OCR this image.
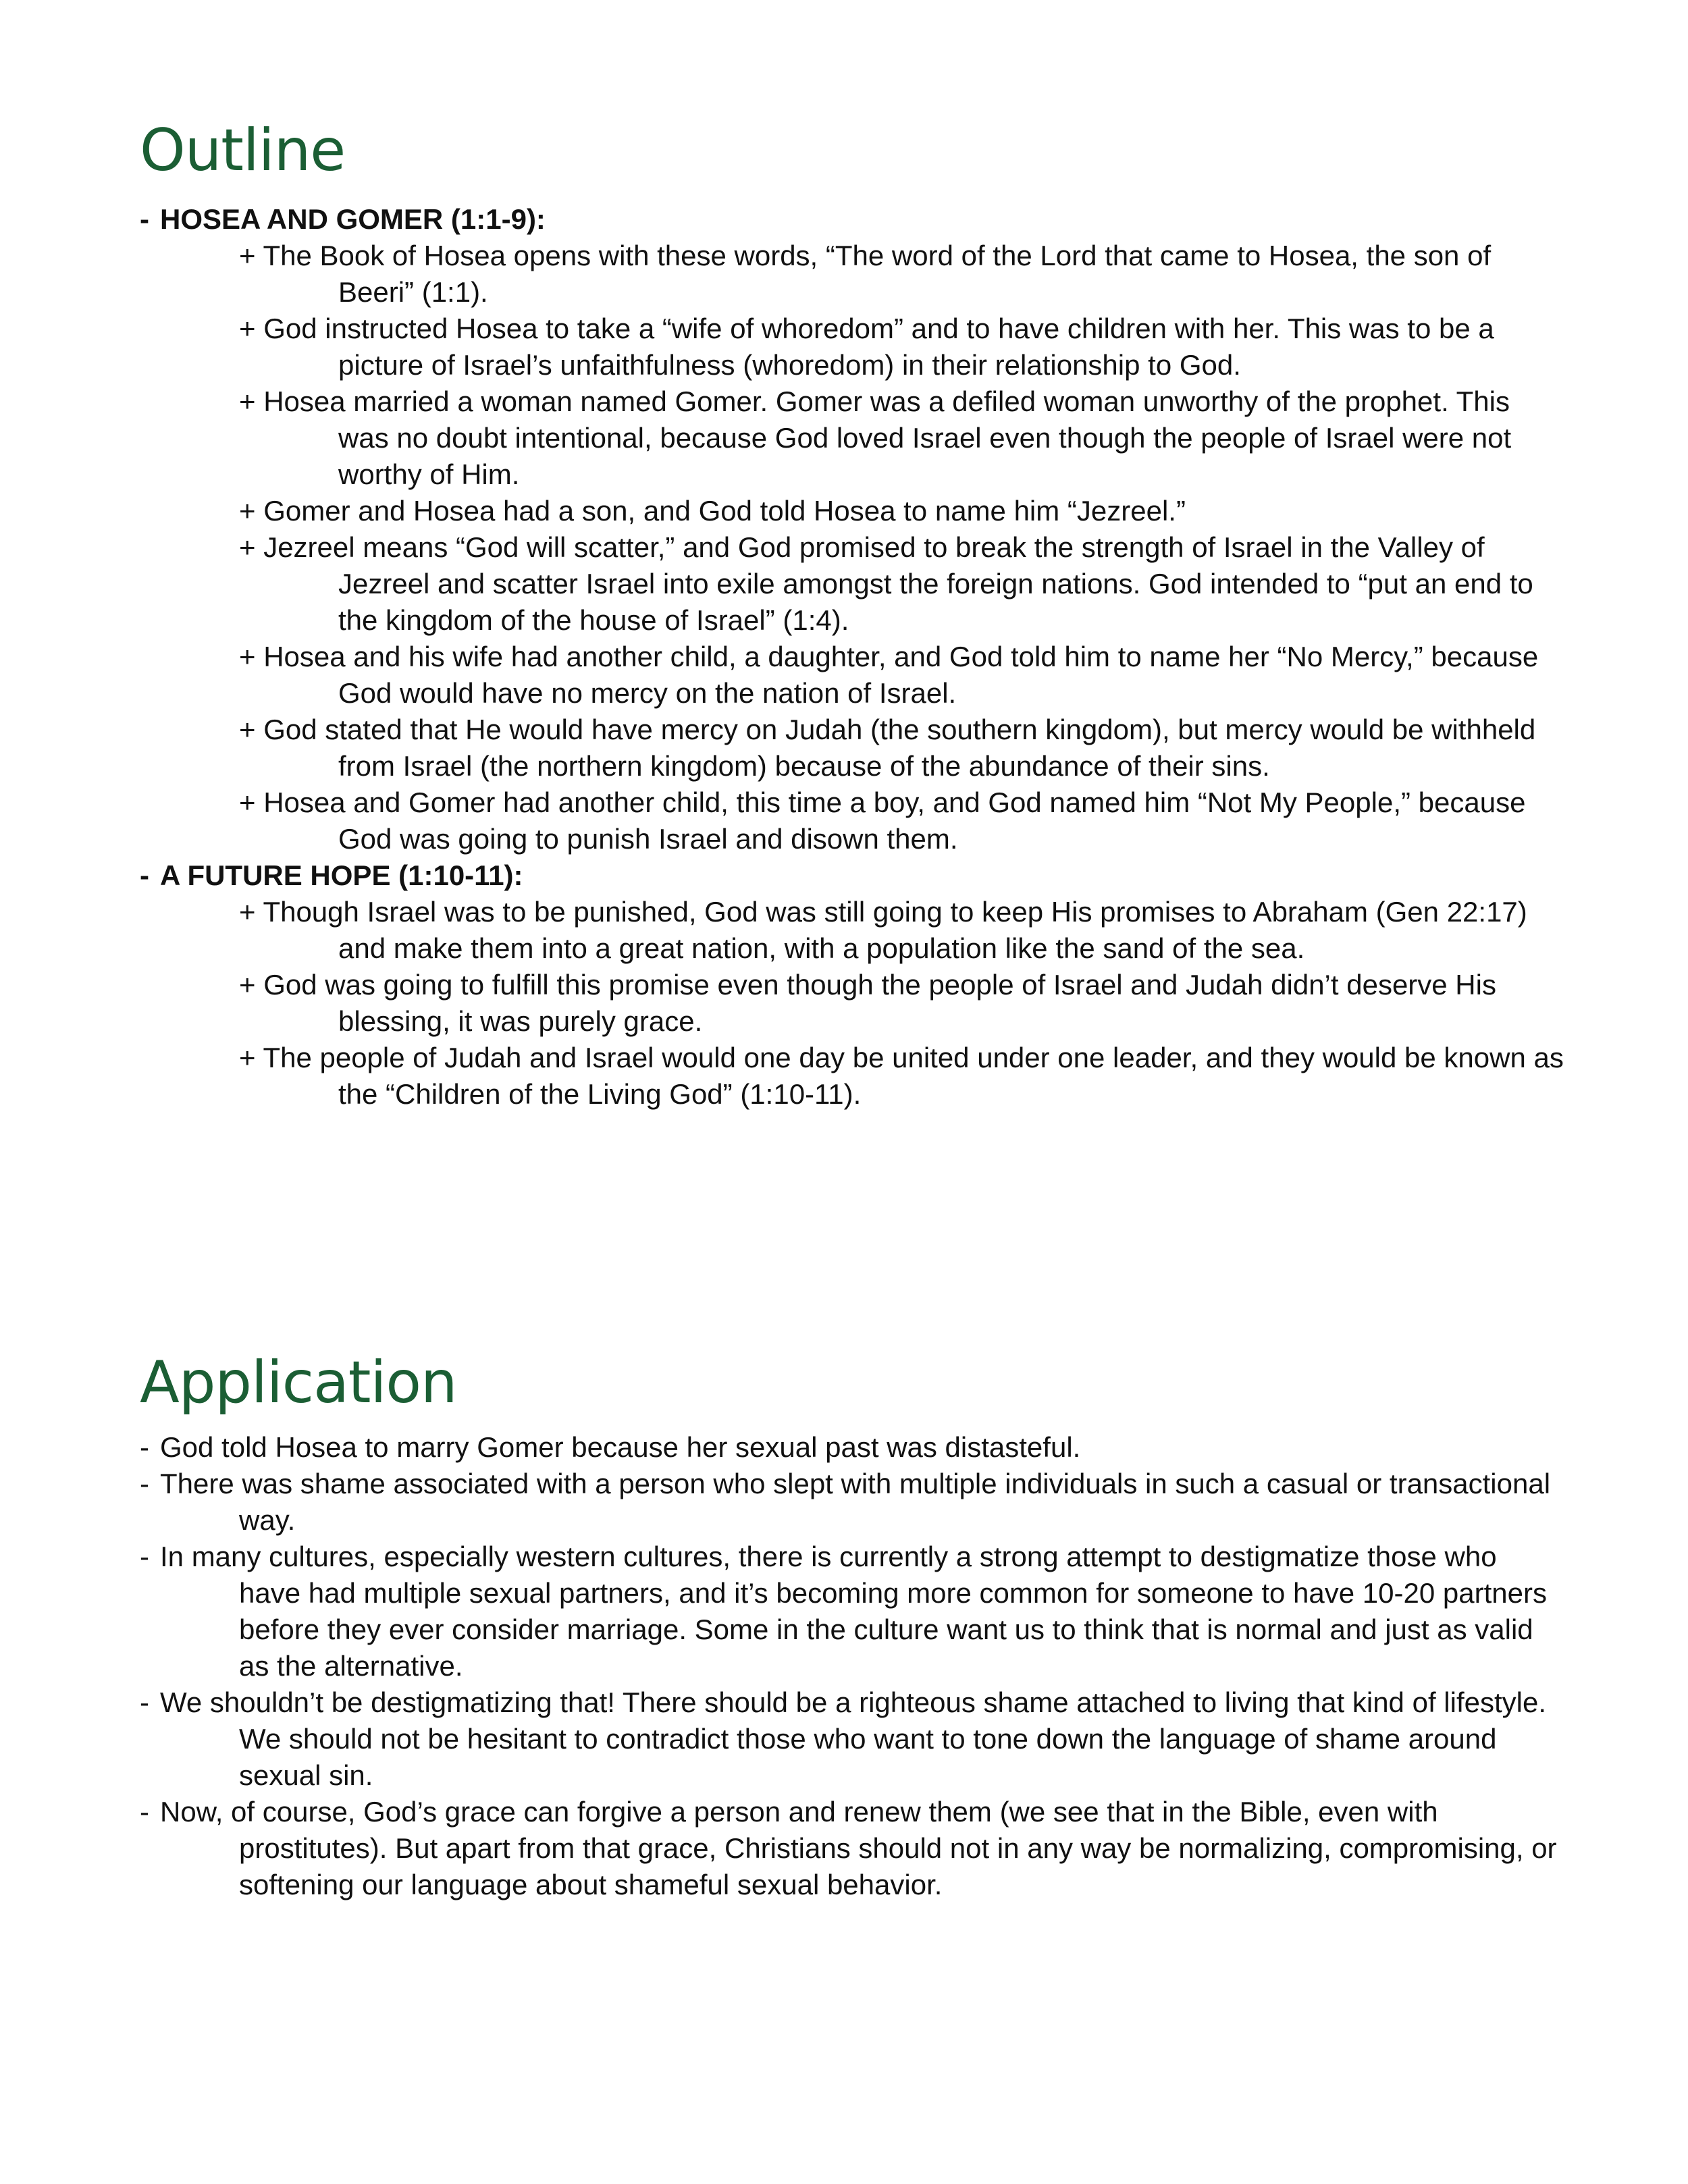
Outline

- HOSEA AND GOMER (1:1-9):

+ The Book of Hosea opens with these words, “The word of the Lord that came to Hosea, the son of Beeri” (1:1).

+ God instructed Hosea to take a “wife of whoredom” and to have children with her. This was to be a picture of Israel’s unfaithfulness (whoredom) in their relationship to God.

+ Hosea married a woman named Gomer. Gomer was a defiled woman unworthy of the prophet. This was no doubt intentional, because God loved Israel even though the people of Israel were not worthy of Him.

+ Gomer and Hosea had a son, and God told Hosea to name him “Jezreel.”

+ Jezreel means “God will scatter,” and God promised to break the strength of Israel in the Valley of Jezreel and scatter Israel into exile amongst the foreign nations. God intended to “put an end to the kingdom of the house of Israel” (1:4).

+ Hosea and his wife had another child, a daughter, and God told him to name her “No Mercy,” because God would have no mercy on the nation of Israel.

+ God stated that He would have mercy on Judah (the southern kingdom), but mercy would be withheld from Israel (the northern kingdom) because of the abundance of their sins.

+ Hosea and Gomer had another child, this time a boy, and God named him “Not My People,” because God was going to punish Israel and disown them.

- A FUTURE HOPE (1:10-11):

+ Though Israel was to be punished, God was still going to keep His promises to Abraham (Gen 22:17) and make them into a great nation, with a population like the sand of the sea.

+ God was going to fulfill this promise even though the people of Israel and Judah didn’t deserve His blessing, it was purely grace.

+ The people of Judah and Israel would one day be united under one leader, and they would be known as the “Children of the Living God” (1:10-11).

Application

- God told Hosea to marry Gomer because her sexual past was distasteful.

- There was shame associated with a person who slept with multiple individuals in such a casual or transactional way.

- In many cultures, especially western cultures, there is currently a strong attempt to destigmatize those who have had multiple sexual partners, and it’s becoming more common for someone to have 10-20 partners before they ever consider marriage. Some in the culture want us to think that is normal and just as valid as the alternative.

- We shouldn’t be destigmatizing that! There should be a righteous shame attached to living that kind of lifestyle. We should not be hesitant to contradict those who want to tone down the language of shame around sexual sin.

- Now, of course, God’s grace can forgive a person and renew them (we see that in the Bible, even with prostitutes). But apart from that grace, Christians should not in any way be normalizing, compromising, or softening our language about shameful sexual behavior.
